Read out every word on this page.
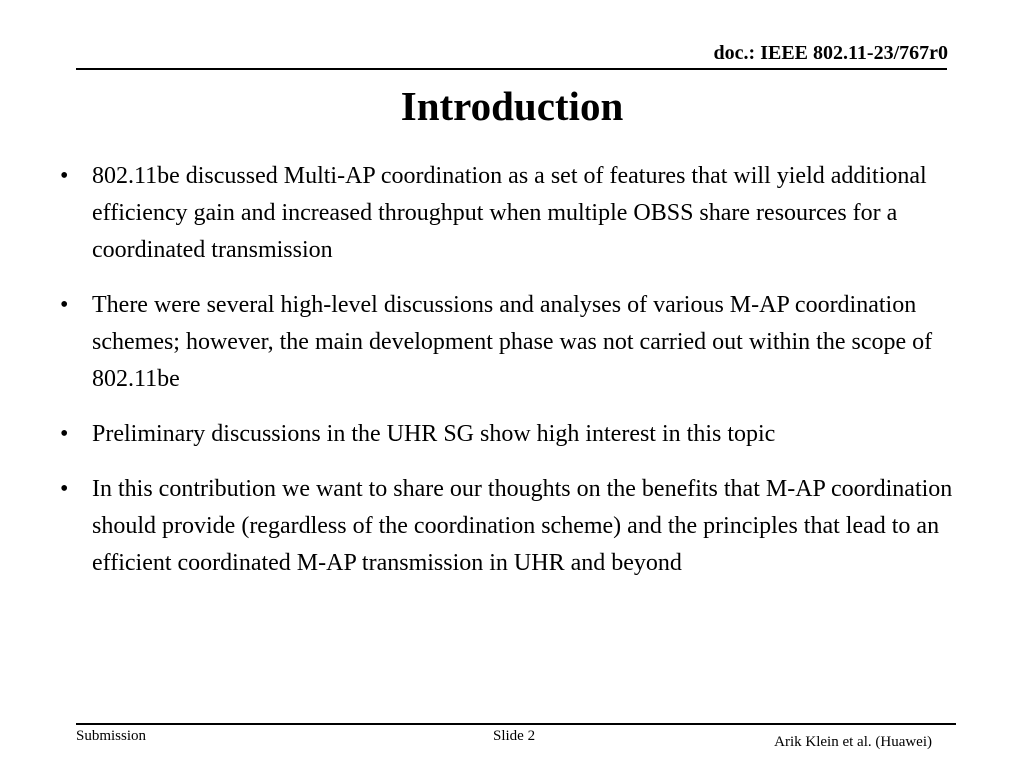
doc.: IEEE 802.11-23/767r0
Introduction
• 802.11be discussed Multi-AP coordination as a set of features that will yield additional efficiency gain and increased throughput when multiple OBSS share resources for a coordinated transmission
• There were several high-level discussions and analyses of various M-AP coordination schemes; however, the main development phase was not carried out within the scope of 802.11be
• Preliminary discussions in the UHR SG show high interest in this topic
• In this contribution we want to share our thoughts on the benefits that M-AP coordination should provide (regardless of the coordination scheme) and the principles that lead to an efficient coordinated M-AP transmission in UHR and beyond
Submission	Slide 2	Arik Klein et al. (Huawei)
